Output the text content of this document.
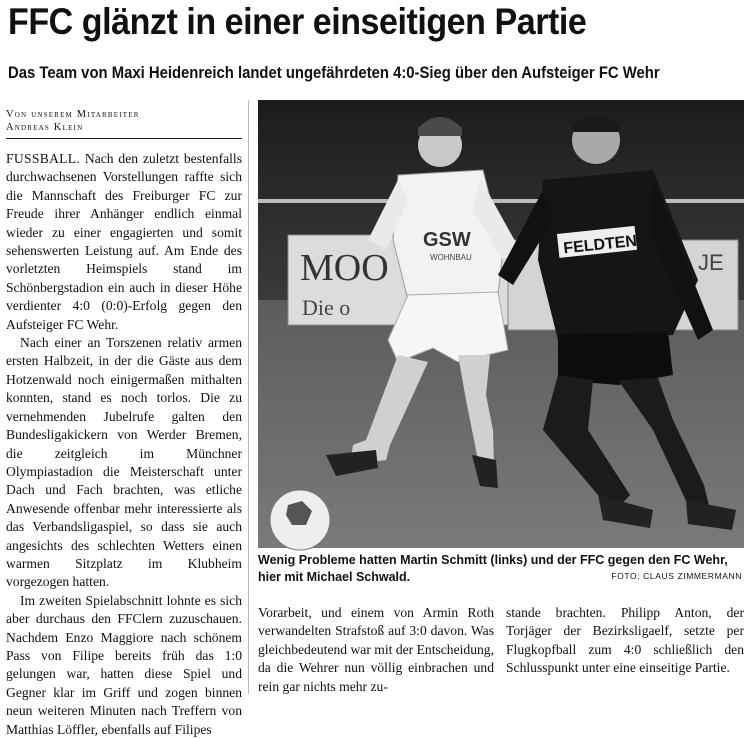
FFC glänzt in einer einseitigen Partie
Das Team von Maxi Heidenreich landet ungefährdeten 4:0-Sieg über den Aufsteiger FC Wehr
Von unserem Mitarbeiter
Andreas Klein

FUSSBALL. Nach den zuletzt bestenfalls durchwachsenen Vorstellungen raffte sich die Mannschaft des Freiburger FC zur Freude ihrer Anhänger endlich einmal wieder zu einer engagierten und somit sehenswerten Leistung auf. Am Ende des vorletzten Heimspiels stand im Schönbergstadion ein auch in dieser Höhe verdienter 4:0 (0:0)-Erfolg gegen den Aufsteiger FC Wehr.

Nach einer an Torszenen relativ armen ersten Halbzeit, in der die Gäste aus dem Hotzenwald noch einigermaßen mithalten konnten, stand es noch torlos. Die zu vernehmenden Jubelrufe galten den Bundesligakickern von Werder Bremen, die zeitgleich im Münchner Olympiastadion die Meisterschaft unter Dach und Fach brachten, was etliche Anwesende offenbar mehr interessierte als das Verbandsligaspiel, so dass sie auch angesichts des schlechten Wetters einen warmen Sitzplatz im Klubheim vorgezogen hatten.

Im zweiten Spielabschnitt lohnte es sich aber durchaus den FFClern zuzuschauen. Nachdem Enzo Maggiore nach schönem Pass von Filipe bereits früh das 1:0 gelungen war, hatten diese Spiel und Gegner klar im Griff und zogen binnen neun weiteren Minuten nach Treffern von Matthias Löffler, ebenfalls auf Filipes

MOO
Die o
JE
GSW
WOHNBAU
FELDTEN
Wenig Probleme hatten Martin Schmitt (links) und der FFC gegen den FC Wehr, hier mit Michael Schwald.	FOTO: CLAUS ZIMMERMANN

Vorarbeit, und einem von Armin Roth verwandelten Strafstoß auf 3:0 davon. Was gleichbedeutend war mit der Entscheidung, da die Wehrer nun völlig einbrachen und rein gar nichts mehr zu-

stande brachten. Philipp Anton, der Torjäger der Bezirksligaelf, setzte per Flugkopfball zum 4:0 schließlich den Schlusspunkt unter eine einseitige Partie.
